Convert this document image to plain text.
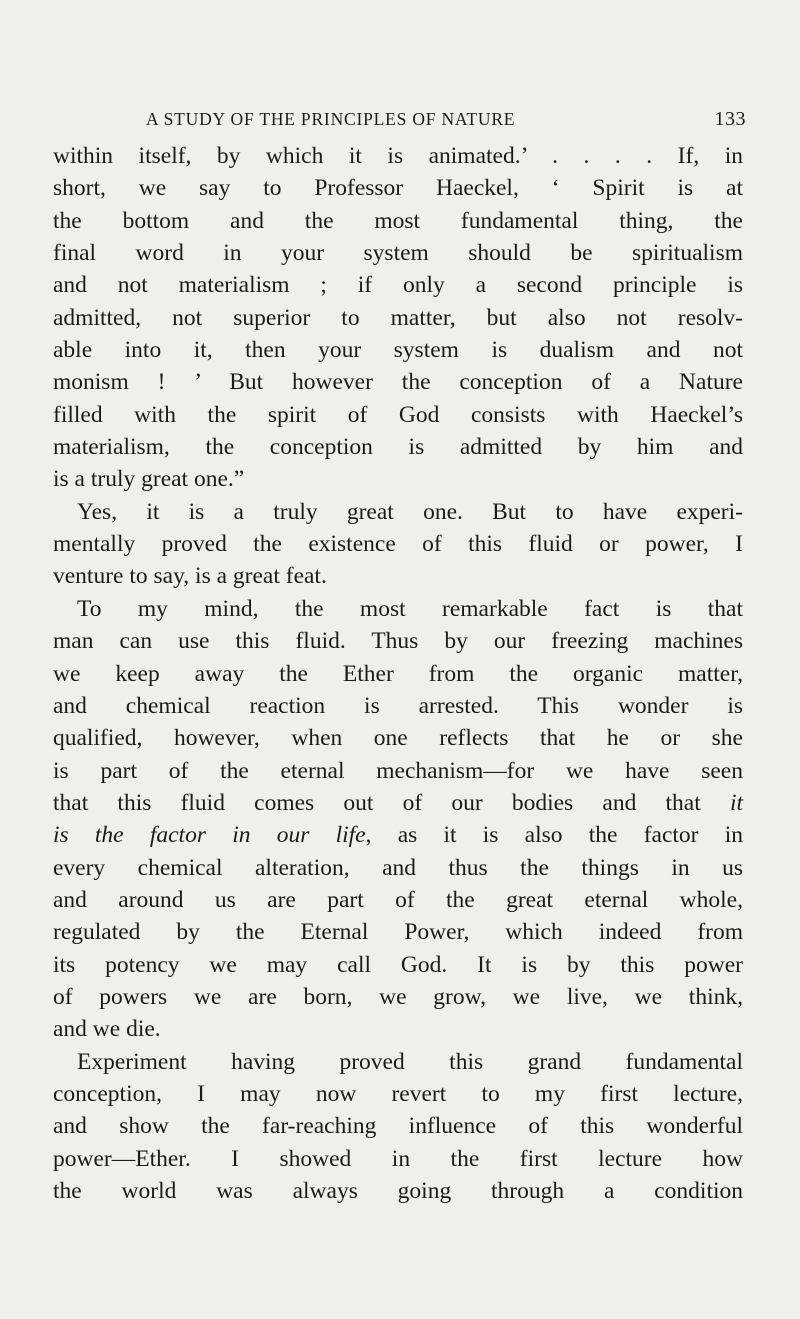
A STUDY OF THE PRINCIPLES OF NATURE	133
within itself, by which it is animated.’ . . . . If, in
short, we say to Professor Haeckel, ‘ Spirit is at
the bottom and the most fundamental thing, the
final word in your system should be spiritualism
and not materialism ; if only a second principle is
admitted, not superior to matter, but also not resolv-
able into it, then your system is dualism and not
monism ! ’ But however the conception of a Nature
filled with the spirit of God consists with Haeckel’s
materialism, the conception is admitted by him and
is a truly great one.”
Yes, it is a truly great one. But to have experi-
mentally proved the existence of this fluid or power, I
venture to say, is a great feat.
To my mind, the most remarkable fact is that
man can use this fluid. Thus by our freezing machines
we keep away the Ether from the organic matter,
and chemical reaction is arrested. This wonder is
qualified, however, when one reflects that he or she
is part of the eternal mechanism—for we have seen
that this fluid comes out of our bodies and that it
is the factor in our life, as it is also the factor in
every chemical alteration, and thus the things in us
and around us are part of the great eternal whole,
regulated by the Eternal Power, which indeed from
its potency we may call God. It is by this power
of powers we are born, we grow, we live, we think,
and we die.
Experiment having proved this grand fundamental
conception, I may now revert to my first lecture,
and show the far-reaching influence of this wonderful
power—Ether. I showed in the first lecture how
the world was always going through a condition
